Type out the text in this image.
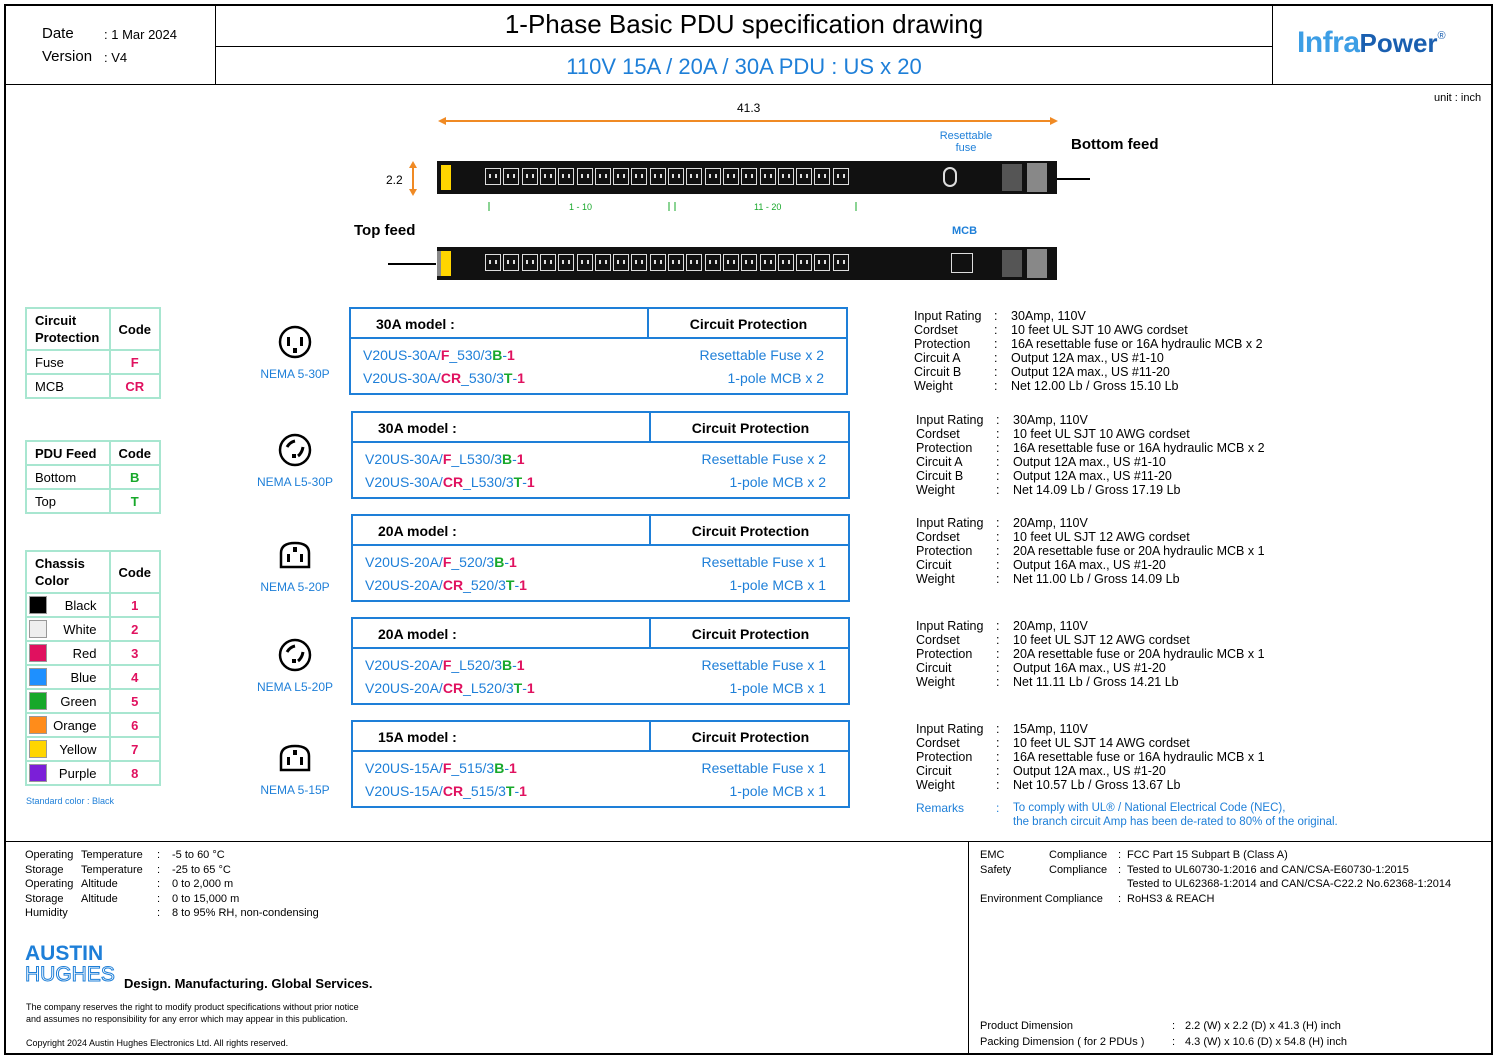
Date : 1 Mar 2024
Version : V4
1-Phase Basic PDU specification drawing
110V 15A / 20A / 30A PDU : US x 20
InfraPower®
unit : inch
41.3
2.2
Resettable fuse	Bottom feed
Top feed	MCB
1 - 10	11 - 20
Circuit Protection	Code
Fuse	F
MCB	CR
PDU Feed	Code
Bottom	B
Top	T
Chassis Color	Code

Black	1

White	2

Red	3

Blue	4

Green	5

Orange	6

Yellow	7

Purple	8
Standard color : Black
NEMA 5-30P
NEMA L5-30P
NEMA 5-20P
NEMA L5-20P
NEMA 5-15P
30A model :	Circuit Protection
V20US-30A/F_530/3B-1	Resettable Fuse x 2
V20US-30A/CR_530/3T-1	1-pole MCB x 2
30A model :	Circuit Protection
V20US-30A/F_L530/3B-1	Resettable Fuse x 2
V20US-30A/CR_L530/3T-1	1-pole MCB x 2
20A model :	Circuit Protection
V20US-20A/F_520/3B-1	Resettable Fuse x 1
V20US-20A/CR_520/3T-1	1-pole MCB x 1
20A model :	Circuit Protection
V20US-20A/F_L520/3B-1	Resettable Fuse x 1
V20US-20A/CR_L520/3T-1	1-pole MCB x 1
15A model :	Circuit Protection
V20US-15A/F_515/3B-1	Resettable Fuse x 1
V20US-15A/CR_515/3T-1	1-pole MCB x 1
Input Rating : 30Amp, 110V
Cordset	: 10 feet UL SJT 10 AWG cordset
Protection : 16A resettable fuse or 16A hydraulic MCB x 2
Circuit A	: Output 12A max., US #1-10
Circuit B	: Output 12A max., US #11-20
Weight	: Net 12.00 Lb / Gross 15.10 Lb
Input Rating : 30Amp, 110V
Cordset	: 10 feet UL SJT 10 AWG cordset
Protection : 16A resettable fuse or 16A hydraulic MCB x 2
Circuit A	: Output 12A max., US #1-10
Circuit B	: Output 12A max., US #11-20
Weight	: Net 14.09 Lb / Gross 17.19 Lb
Input Rating : 20Amp, 110V
Cordset	: 10 feet UL SJT 12 AWG cordset
Protection : 20A resettable fuse or 20A hydraulic MCB x 1
Circuit	: Output 16A max., US #1-20
Weight	: Net 11.00 Lb / Gross 14.09 Lb
Input Rating : 20Amp, 110V
Cordset	: 10 feet UL SJT 12 AWG cordset
Protection : 20A resettable fuse or 20A hydraulic MCB x 1
Circuit	: Output 16A max., US #1-20
Weight	: Net 11.11 Lb / Gross 14.21 Lb
Input Rating : 15Amp, 110V
Cordset	: 10 feet UL SJT 14 AWG cordset
Protection : 16A resettable fuse or 16A hydraulic MCB x 1
Circuit	: Output 12A max., US #1-20
Weight	: Net 10.57 Lb / Gross 13.67 Lb
Remarks	: To comply with UL® / National Electrical Code (NEC),
the branch circuit Amp has been de-rated to 80% of the original.
Operating Temperature : -5 to 60 °C
Storage Temperature : -25 to 65 °C
Operating Altitude	: 0 to 2,000 m
Storage Altitude	: 0 to 15,000 m
Humidity	: 8 to 95% RH, non-condensing
EMC	Compliance : FCC Part 15 Subpart B (Class A)
Safety	Compliance : Tested to UL60730-1:2016 and CAN/CSA-E60730-1:2015
Tested to UL62368-1:2014 and CAN/CSA-C22.2 No.62368-1:2014
Environment Compliance : RoHS3 & REACH
AUSTIN
HUGHES Design. Manufacturing. Global Services.
The company reserves the right to modify product specifications without prior notice
and assumes no responsibility for any error which may appear in this publication.
Copyright 2024 Austin Hughes Electronics Ltd. All rights reserved.
Product Dimension	: 2.2 (W) x 2.2 (D) x 41.3 (H) inch
Packing Dimension ( for 2 PDUs )	: 4.3 (W) x 10.6 (D) x 54.8 (H) inch
